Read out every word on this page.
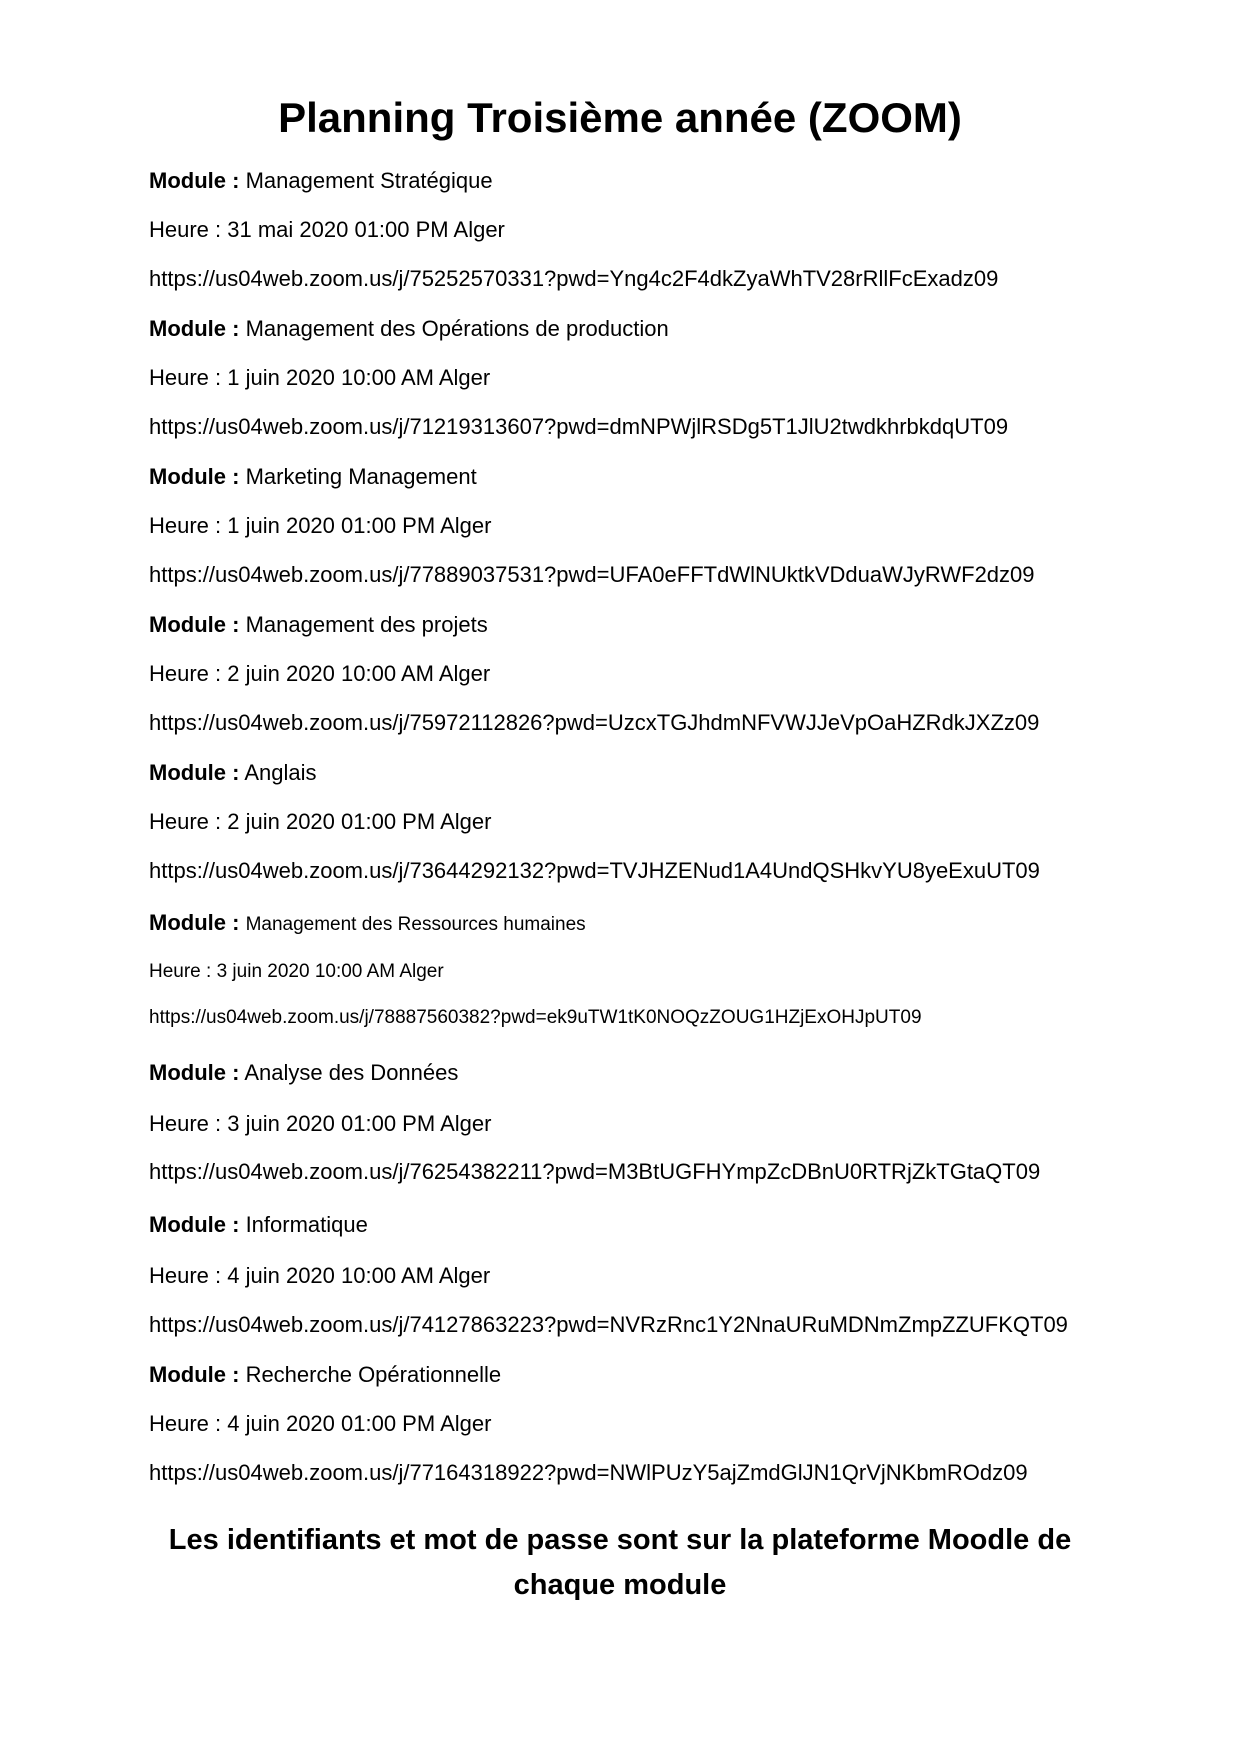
Planning Troisième année (ZOOM)
Module : Management Stratégique
Heure : 31 mai 2020 01:00 PM Alger
https://us04web.zoom.us/j/75252570331?pwd=Yng4c2F4dkZyaWhTV28rRllFcExadz09
Module : Management des Opérations de production
Heure : 1 juin 2020 10:00 AM Alger
https://us04web.zoom.us/j/71219313607?pwd=dmNPWjlRSDg5T1JlU2twdkhrbkdqUT09
Module : Marketing Management
Heure : 1 juin 2020 01:00 PM Alger
https://us04web.zoom.us/j/77889037531?pwd=UFA0eFFTdWlNUktkVDduaWJyRWF2dz09
Module : Management des projets
Heure : 2 juin 2020 10:00 AM Alger
https://us04web.zoom.us/j/75972112826?pwd=UzcxTGJhdmNFVWJJeVpOaHZRdkJXZz09
Module : Anglais
Heure : 2 juin 2020 01:00 PM Alger
https://us04web.zoom.us/j/73644292132?pwd=TVJHZENud1A4UndQSHkvYU8yeExuUT09
Module : Management des Ressources humaines
Heure : 3 juin 2020 10:00 AM Alger
https://us04web.zoom.us/j/78887560382?pwd=ek9uTW1tK0NOQzZOUG1HZjExOHJpUT09
Module : Analyse des Données
Heure : 3 juin 2020 01:00 PM Alger
https://us04web.zoom.us/j/76254382211?pwd=M3BtUGFHYmpZcDBnU0RTRjZkTGtaQT09
Module : Informatique
Heure : 4 juin 2020 10:00 AM Alger
https://us04web.zoom.us/j/74127863223?pwd=NVRzRnc1Y2NnaURuMDNmZmpZZUFKQT09
Module : Recherche Opérationnelle
Heure : 4 juin 2020 01:00 PM Alger
https://us04web.zoom.us/j/77164318922?pwd=NWlPUzY5ajZmdGlJN1QrVjNKbmROdz09

Les identifiants et mot de passe sont sur la plateforme Moodle de chaque module
